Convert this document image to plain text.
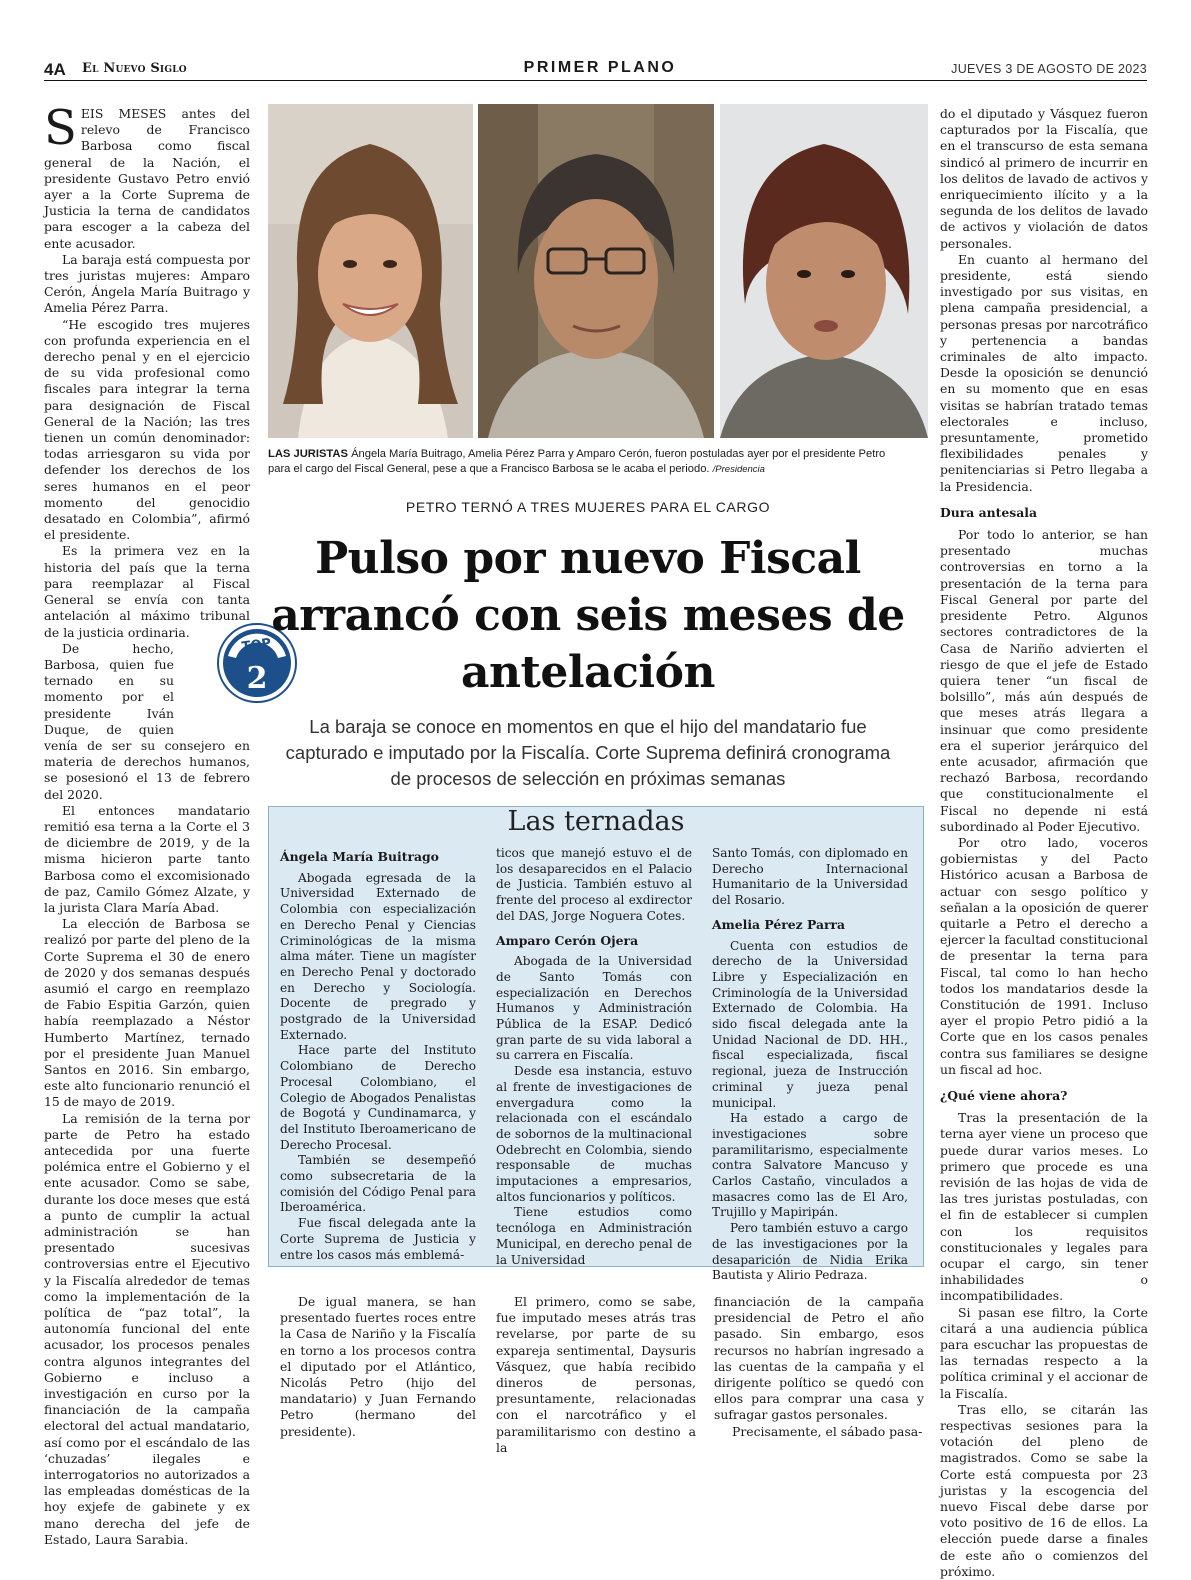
4A El Nuevo Siglo	PRIMER PLANO	JUEVES 3 DE AGOSTO DE 2023
S EIS MESES antes del relevo de Francisco Barbosa como fiscal general de la Nación, el presidente Gustavo Petro envió ayer a la Corte Suprema de Justicia la terna de candidatos para escoger a la cabeza del ente acusador.

La baraja está compuesta por tres juristas mujeres: Amparo Cerón, Ángela María Buitrago y Amelia Pérez Parra.

“He escogido tres mujeres con profunda experiencia en el derecho penal y en el ejercicio de su vida profesional como fiscales para integrar la terna para designación de Fiscal General de la Nación; las tres tienen un común denominador: todas arriesgaron su vida por defender los derechos de los seres humanos en el peor momento del genocidio desatado en Colombia”, afirmó el presidente.

Es la primera vez en la historia del país que la terna para reemplazar al Fiscal General se envía con tanta antelación al máximo tribunal de la justicia ordinaria.

De hecho, Barbosa, quien fue ternado en su momento por el presidente Iván Duque, de quien venía de ser su consejero en materia de derechos humanos, se posesionó el 13 de febrero del 2020.

El entonces mandatario remitió esa terna a la Corte el 3 de diciembre de 2019, y de la misma hicieron parte tanto Barbosa como el excomisionado de paz, Camilo Gómez Alzate, y la jurista Clara María Abad.

La elección de Barbosa se realizó por parte del pleno de la Corte Suprema el 30 de enero de 2020 y dos semanas después asumió el cargo en reemplazo de Fabio Espitia Garzón, quien había reemplazado a Néstor Humberto Martínez, ternado por el presidente Juan Manuel Santos en 2016. Sin embargo, este alto funcionario renunció el 15 de mayo de 2019.

La remisión de la terna por parte de Petro ha estado antecedida por una fuerte polémica entre el Gobierno y el ente acusador. Como se sabe, durante los doce meses que está a punto de cumplir la actual administración se han presentado sucesivas controversias entre el Ejecutivo y la Fiscalía alrededor de temas como la implementación de la política de “paz total”, la autonomía funcional del ente acusador, los procesos penales contra algunos integrantes del Gobierno e incluso a investigación en curso por la financiación de la campaña electoral del actual mandatario, así como por el escándalo de las ‘chuzadas’ ilegales e interrogatorios no autorizados a las empleadas domésticas de la hoy exjefe de gabinete y ex mano derecha del jefe de Estado, Laura Sarabia.

TOP
2
LAS JURISTAS Ángela María Buitrago, Amelia Pérez Parra y Amparo Cerón, fueron postuladas ayer por el presidente Petro para el cargo del Fiscal General, pese a que a Francisco Barbosa se le acaba el periodo. /Presidencia
PETRO TERNÓ A TRES MUJERES PARA EL CARGO
Pulso por nuevo Fiscal arrancó con seis meses de antelación
La baraja se conoce en momentos en que el hijo del mandatario fue capturado e imputado por la Fiscalía. Corte Suprema definirá cronograma de procesos de selección en próximas semanas
Las ternadas
Ángela María Buitrago

Abogada egresada de la Universidad Externado de Colombia con especialización en Derecho Penal y Ciencias Criminológicas de la misma alma máter. Tiene un magíster en Derecho Penal y doctorado en Derecho y Sociología. Docente de pregrado y postgrado de la Universidad Externado.

Hace parte del Instituto Colombiano de Derecho Procesal Colombiano, el Colegio de Abogados Penalistas de Bogotá y Cundinamarca, y del Instituto Iberoamericano de Derecho Procesal.

También se desempeñó como subsecretaria de la comisión del Código Penal para Iberoamérica.

Fue fiscal delegada ante la Corte Suprema de Justicia y entre los casos más emblemá-

ticos que manejó estuvo el de los desaparecidos en el Palacio de Justicia. También estuvo al frente del proceso al exdirector del DAS, Jorge Noguera Cotes.

Amparo Cerón Ojera

Abogada de la Universidad de Santo Tomás con especialización en Derechos Humanos y Administración Pública de la ESAP. Dedicó gran parte de su vida laboral a su carrera en Fiscalía.

Desde esa instancia, estuvo al frente de investigaciones de envergadura como la relacionada con el escándalo de sobornos de la multinacional Odebrecht en Colombia, siendo responsable de muchas imputaciones a empresarios, altos funcionarios y políticos.

Tiene estudios como tecnóloga en Administración Municipal, en derecho penal de la Universidad

Santo Tomás, con diplomado en Derecho Internacional Humanitario de la Universidad del Rosario.

Amelia Pérez Parra

Cuenta con estudios de derecho de la Universidad Libre y Especialización en Criminología de la Universidad Externado de Colombia. Ha sido fiscal delegada ante la Unidad Nacional de DD. HH., fiscal especializada, fiscal regional, jueza de Instrucción criminal y jueza penal municipal.

Ha estado a cargo de investigaciones sobre paramilitarismo, especialmente contra Salvatore Mancuso y Carlos Castaño, vinculados a masacres como las de El Aro, Trujillo y Mapiripán.

Pero también estuvo a cargo de las investigaciones por la desaparición de Nidia Erika Bautista y Alirio Pedraza.

De igual manera, se han presentado fuertes roces entre la Casa de Nariño y la Fiscalía en torno a los procesos contra el diputado por el Atlántico, Nicolás Petro (hijo del mandatario) y Juan Fernando Petro (hermano del presidente).

El primero, como se sabe, fue imputado meses atrás tras revelarse, por parte de su expareja sentimental, Daysuris Vásquez, que había recibido dineros de personas, presuntamente, relacionadas con el narcotráfico y el paramilitarismo con destino a la

financiación de la campaña presidencial de Petro el año pasado. Sin embargo, esos recursos no habrían ingresado a las cuentas de la campaña y el dirigente político se quedó con ellos para comprar una casa y sufragar gastos personales.

Precisamente, el sábado pasa-

do el diputado y Vásquez fueron capturados por la Fiscalía, que en el transcurso de esta semana sindicó al primero de incurrir en los delitos de lavado de activos y enriquecimiento ilícito y a la segunda de los delitos de lavado de activos y violación de datos personales.

En cuanto al hermano del presidente, está siendo investigado por sus visitas, en plena campaña presidencial, a personas presas por narcotráfico y pertenencia a bandas criminales de alto impacto. Desde la oposición se denunció en su momento que en esas visitas se habrían tratado temas electorales e incluso, presuntamente, prometido flexibilidades penales y penitenciarias si Petro llegaba a la Presidencia.

Dura antesala

Por todo lo anterior, se han presentado muchas controversias en torno a la presentación de la terna para Fiscal General por parte del presidente Petro. Algunos sectores contradictores de la Casa de Nariño advierten el riesgo de que el jefe de Estado quiera tener “un fiscal de bolsillo”, más aún después de que meses atrás llegara a insinuar que como presidente era el superior jerárquico del ente acusador, afirmación que rechazó Barbosa, recordando que constitucionalmente el Fiscal no depende ni está subordinado al Poder Ejecutivo.

Por otro lado, voceros gobiernistas y del Pacto Histórico acusan a Barbosa de actuar con sesgo político y señalan a la oposición de querer quitarle a Petro el derecho a ejercer la facultad constitucional de presentar la terna para Fiscal, tal como lo han hecho todos los mandatarios desde la Constitución de 1991. Incluso ayer el propio Petro pidió a la Corte que en los casos penales contra sus familiares se designe un fiscal ad hoc.

¿Qué viene ahora?

Tras la presentación de la terna ayer viene un proceso que puede durar varios meses. Lo primero que procede es una revisión de las hojas de vida de las tres juristas postuladas, con el fin de establecer si cumplen con los requisitos constitucionales y legales para ocupar el cargo, sin tener inhabilidades o incompatibilidades.

Si pasan ese filtro, la Corte citará a una audiencia pública para escuchar las propuestas de las ternadas respecto a la política criminal y el accionar de la Fiscalía.

Tras ello, se citarán las respectivas sesiones para la votación del pleno de magistrados. Como se sabe la Corte está compuesta por 23 juristas y la escogencia del nuevo Fiscal debe darse por voto positivo de 16 de ellos. La elección puede darse a finales de este año o comienzos del próximo.
